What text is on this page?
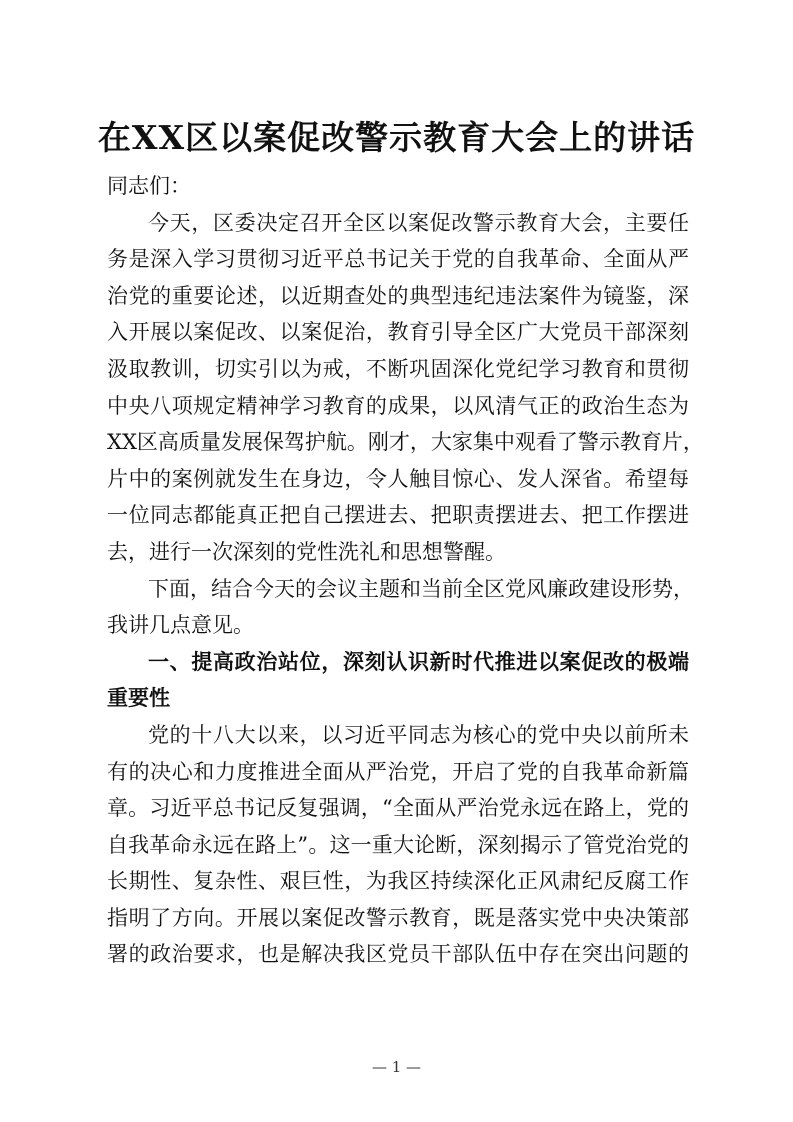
在XX区以案促改警示教育大会上的讲话
同志们：
今天，区委决定召开全区以案促改警示教育大会，主要任
务是深入学习贯彻习近平总书记关于党的自我革命、全面从严
治党的重要论述，以近期查处的典型违纪违法案件为镜鉴，深
入开展以案促改、以案促治，教育引导全区广大党员干部深刻
汲取教训，切实引以为戒，不断巩固深化党纪学习教育和贯彻
中央八项规定精神学习教育的成果，以风清气正的政治生态为
XX区高质量发展保驾护航。刚才，大家集中观看了警示教育片，
片中的案例就发生在身边，令人触目惊心、发人深省。希望每
一位同志都能真正把自己摆进去、把职责摆进去、把工作摆进
去，进行一次深刻的党性洗礼和思想警醒。
下面，结合今天的会议主题和当前全区党风廉政建设形势，
我讲几点意见。
一、提高政治站位，深刻认识新时代推进以案促改的极端
重要性
党的十八大以来，以习近平同志为核心的党中央以前所未
有的决心和力度推进全面从严治党，开启了党的自我革命新篇
章。习近平总书记反复强调，“全面从严治党永远在路上，党的
自我革命永远在路上”。这一重大论断，深刻揭示了管党治党的
长期性、复杂性、艰巨性，为我区持续深化正风肃纪反腐工作
指明了方向。开展以案促改警示教育，既是落实党中央决策部
署的政治要求，也是解决我区党员干部队伍中存在突出问题的
— 1 —
